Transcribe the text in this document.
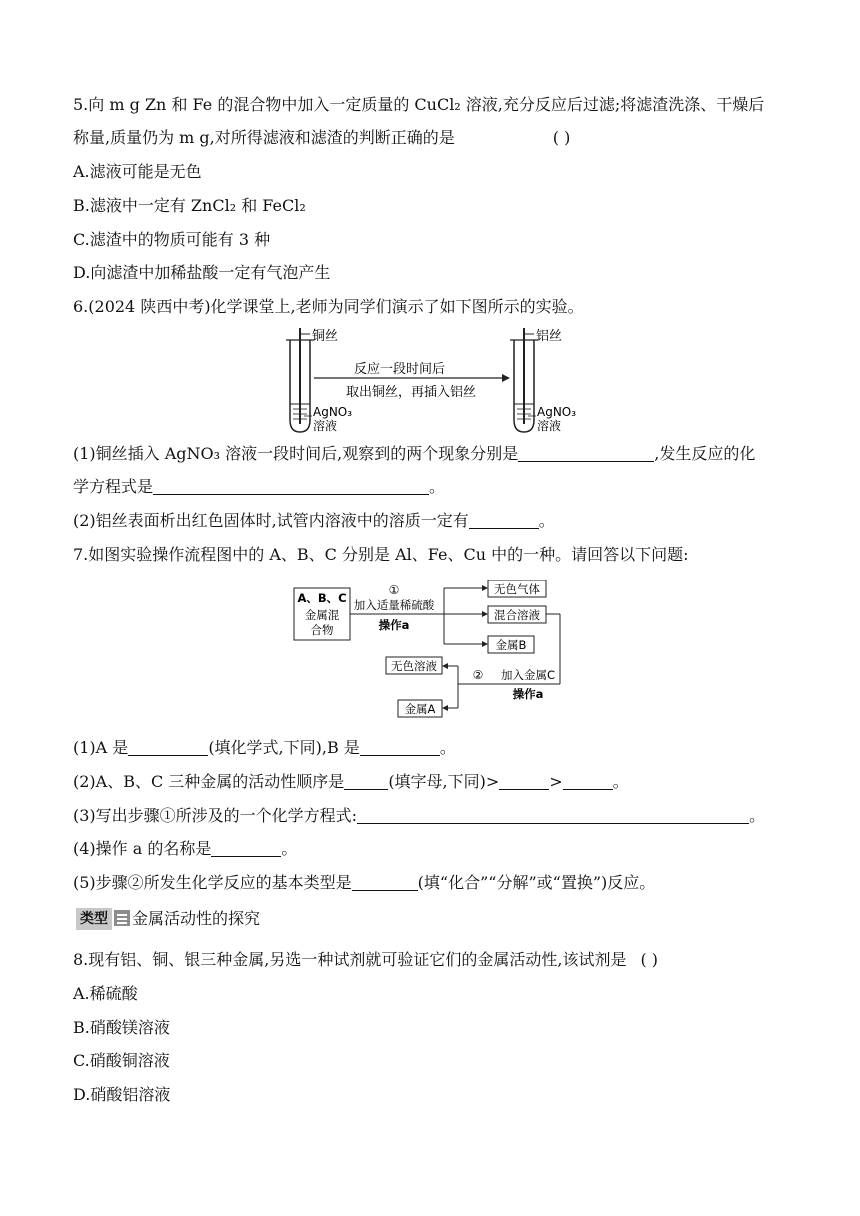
5.向 m g Zn 和 Fe 的混合物中加入一定质量的 CuCl₂ 溶液,充分反应后过滤;将滤渣洗涤、干燥后
称量,质量仍为 m g,对所得滤液和滤渣的判断正确的是	( )
A.滤液可能是无色
B.滤液中一定有 ZnCl₂ 和 FeCl₂
C.滤渣中的物质可能有 3 种
D.向滤渣中加稀盐酸一定有气泡产生
6.(2024 陕西中考)化学课堂上,老师为同学们演示了如下图所示的实验。
铜丝
AgNO₃
溶液
反应一段时间后
取出铜丝，再插入铝丝
铝丝
AgNO₃
溶液
(1)铜丝插入 AgNO₃ 溶液一段时间后,观察到的两个现象分别是	,发生反应的化
学方程式是	。
(2)铝丝表面析出红色固体时,试管内溶液中的溶质一定有	。
7.如图实验操作流程图中的 A、B、C 分别是 Al、Fe、Cu 中的一种。请回答以下问题:
A、B、C
金属混
合物
①
加入适量稀硫酸
操作a
无色气体
混合溶液
金属B
② 加入金属C
操作a
无色溶液
金属A
(1)A 是	(填化学式,下同),B 是	。
(2)A、B、C 三种金属的活动性顺序是	(填字母,下同)>	>	。
(3)写出步骤①所涉及的一个化学方程式:	。
(4)操作 a 的名称是	。
(5)步骤②所发生化学反应的基本类型是	(填“化合”“分解”或“置换”)反应。
类型 金属活动性的探究
8.现有铝、铜、银三种金属,另选一种试剂就可验证它们的金属活动性,该试剂是 ( )
A.稀硫酸
B.硝酸镁溶液
C.硝酸铜溶液
D.硝酸铝溶液
